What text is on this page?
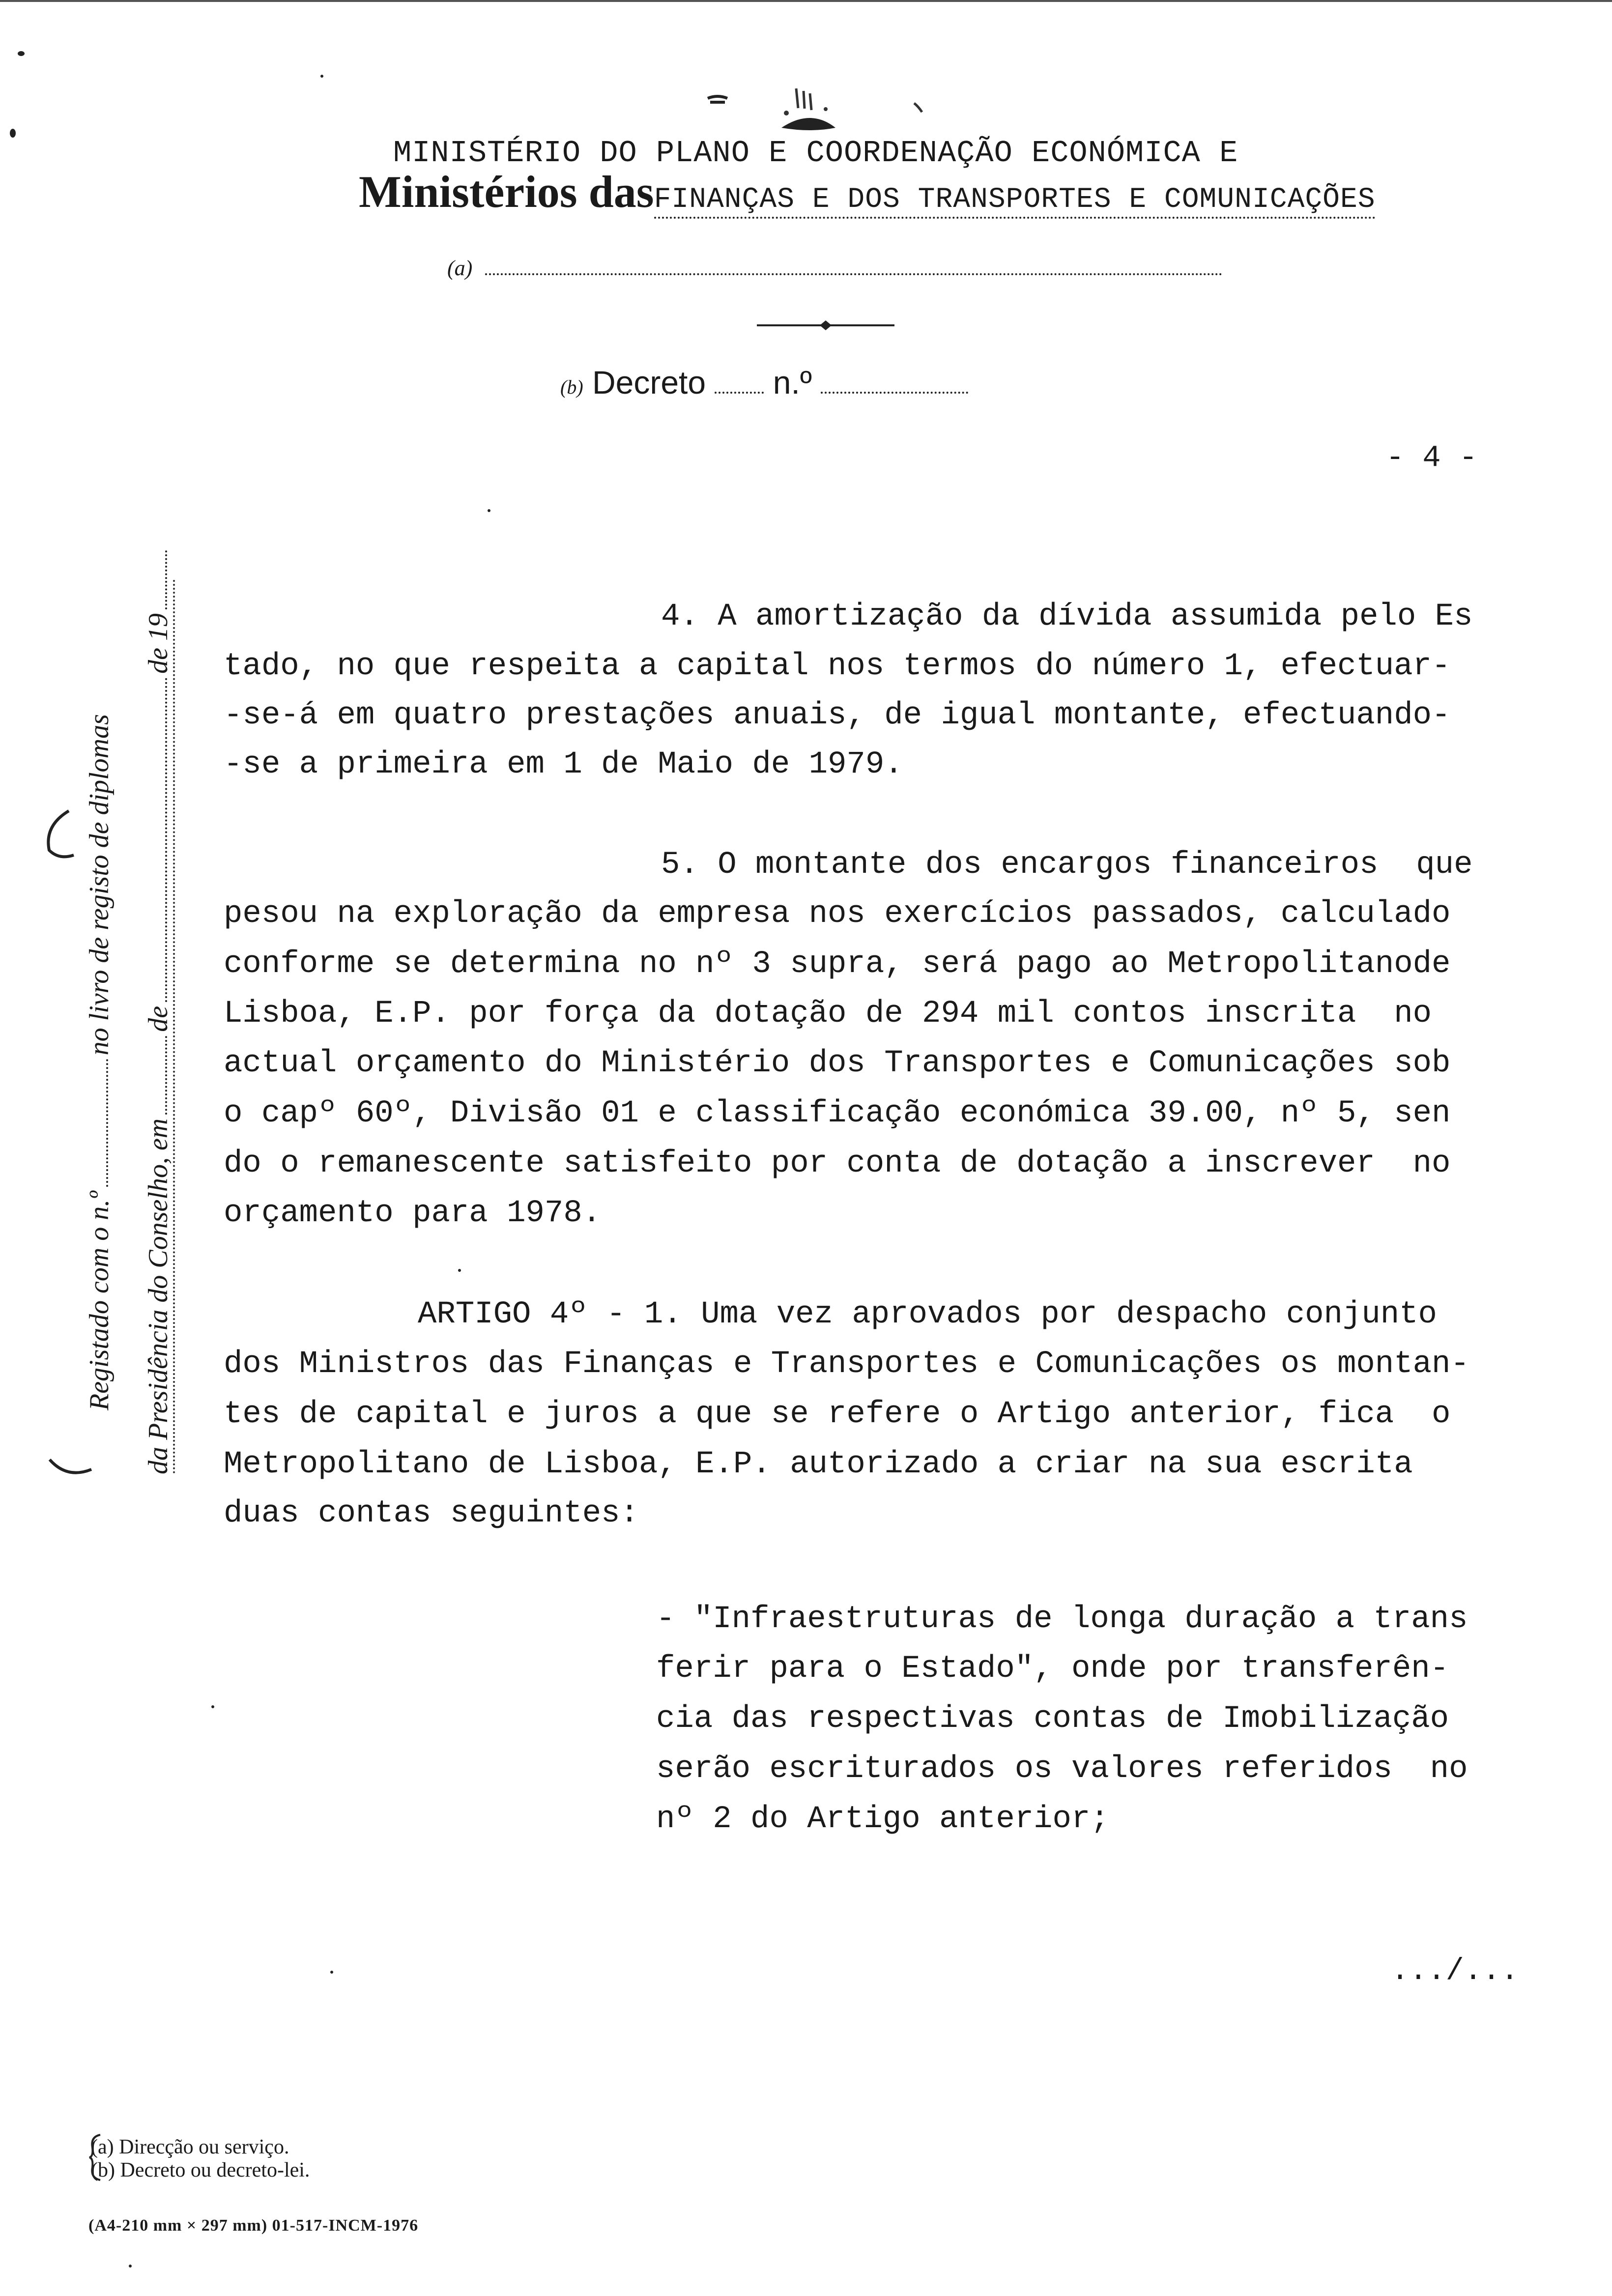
MINISTÉRIO DO PLANO E COORDENAÇÃO ECONÓMICA E
Ministérios dasFINANÇAS E DOS TRANSPORTES E COMUNICAÇÕES
(a)
(b) Decreto n.º
- 4 -
Registado com o n.ºno livro de registo de diplomas
da Presidência do Conselho, emdede 19

	4. A amortização da dívida assumida pelo Es

tado, no que respeita a capital nos termos do número 1, efectuar-

-se-á em quatro prestações anuais, de igual montante, efectuando-

-se a primeira em 1 de Maio de 1979.

5. O montante dos encargos financeiros  que

pesou na exploração da empresa nos exercícios passados, calculado

conforme se determina no nº 3 supra, será pago ao Metropolitanode

Lisboa, E.P. por força da dotação de 294 mil contos inscrita  no

actual orçamento do Ministério dos Transportes e Comunicações sob

o capº 60º, Divisão 01 e classificação económica 39.00, nº 5, sen

do o remanescente satisfeito por conta de dotação a inscrever  no

orçamento para 1978.

ARTIGO 4º - 1. Uma vez aprovados por despacho conjunto

dos Ministros das Finanças e Transportes e Comunicações os montan-

tes de capital e juros a que se refere o Artigo anterior, fica  o

Metropolitano de Lisboa, E.P. autorizado a criar na sua escrita

duas contas seguintes:

- "Infraestruturas de longa duração a trans

ferir para o Estado", onde por transferên-

cia das respectivas contas de Imobilização

serão escriturados os valores referidos  no

nº 2 do Artigo anterior;

.../...
(a) Direcção ou serviço.
(b) Decreto ou decreto-lei.
(A4-210 mm × 297 mm) 01-517-INCM-1976
